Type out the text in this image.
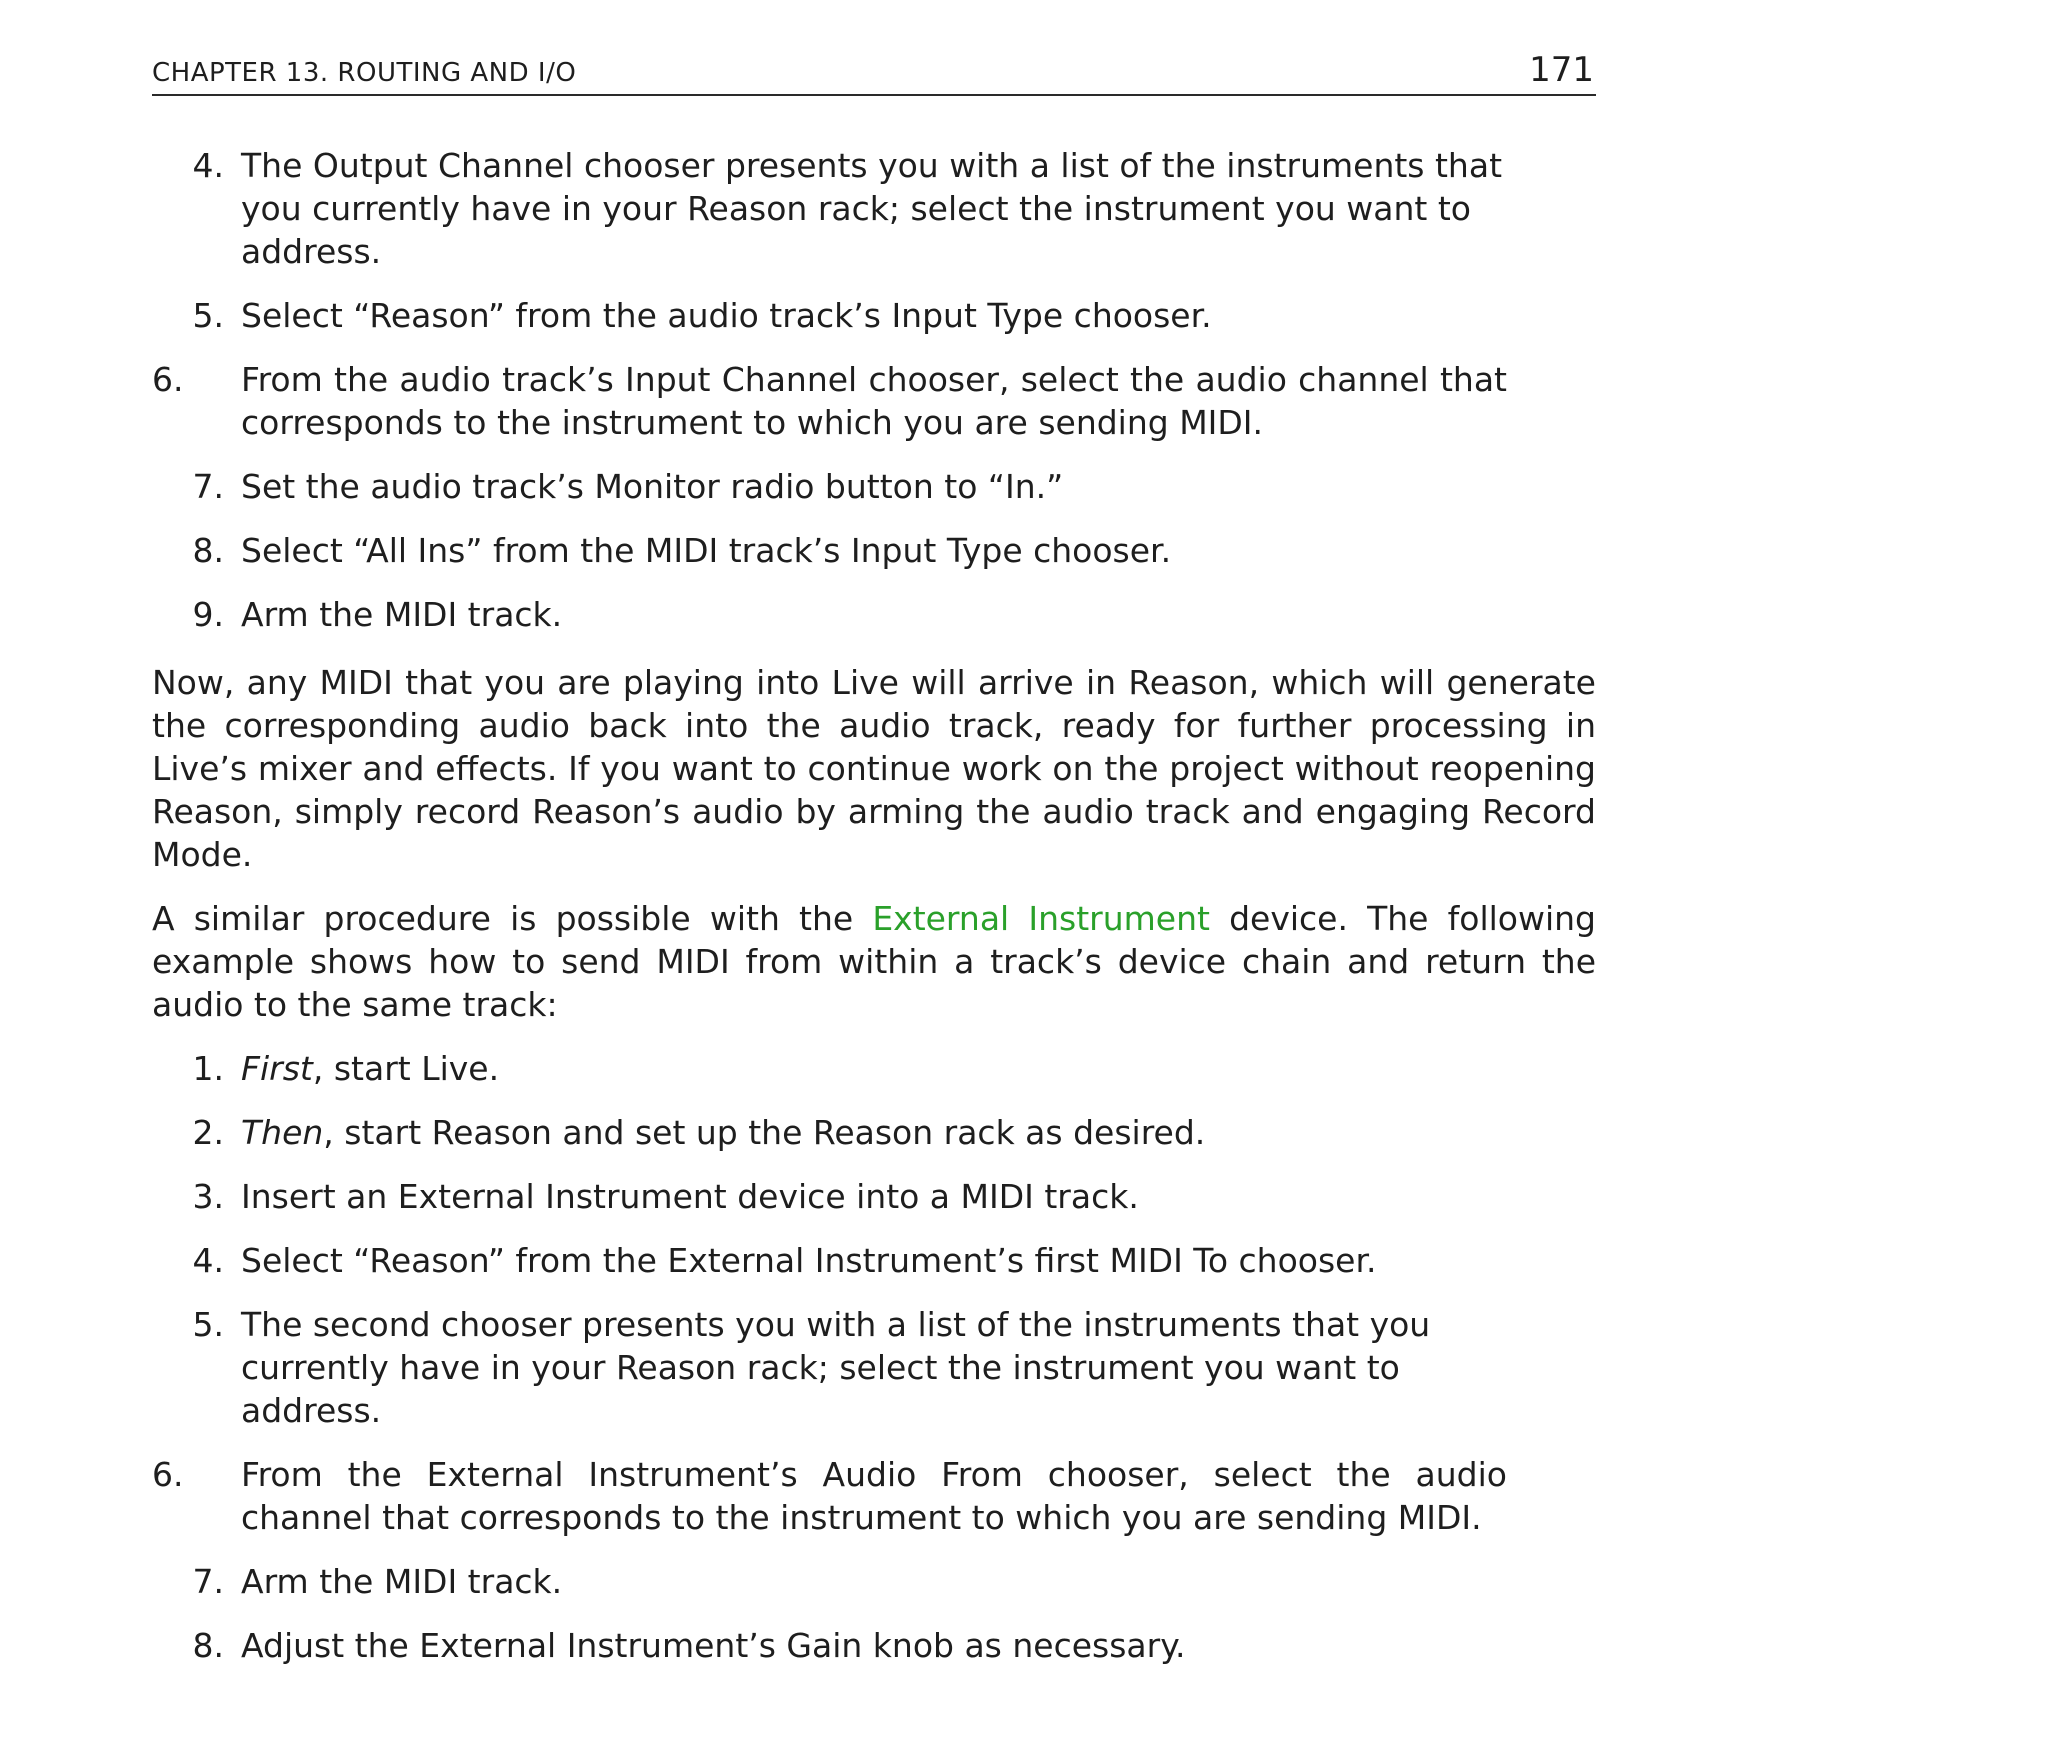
CHAPTER 13. ROUTING AND I/O	171
4. The Output Channel chooser presents you with a list of the instruments that you currently have in your Reason rack; select the instrument you want to address.
5. Select “Reason” from the audio track’s Input Type chooser.
6.	From the audio track’s Input Channel chooser, select the audio channel that corresponds to the instrument to which you are sending MIDI.
7. Set the audio track’s Monitor radio button to “In.”
8. Select “All Ins” from the MIDI track’s Input Type chooser.
9. Arm the MIDI track.

Now, any MIDI that you are playing into Live will arrive in Reason, which will generate the corresponding audio back into the audio track, ready for further processing in Live’s mixer and effects. If you want to continue work on the project without reopening Reason, simply record Reason’s audio by arming the audio track and engaging Record Mode.

A similar procedure is possible with the External Instrument device. The following example shows how to send MIDI from within a track’s device chain and return the audio to the same track:

1. First, start Live.
2. Then, start Reason and set up the Reason rack as desired.
3. Insert an External Instrument device into a MIDI track.
4. Select “Reason” from the External Instrument’s first MIDI To chooser.
5. The second chooser presents you with a list of the instruments that you currently have in your Reason rack; select the instrument you want to address.
6.	From the External Instrument’s Audio From chooser, select the audio channel that corresponds to the instrument to which you are sending MIDI.
7. Arm the MIDI track.
8. Adjust the External Instrument’s Gain knob as necessary.
